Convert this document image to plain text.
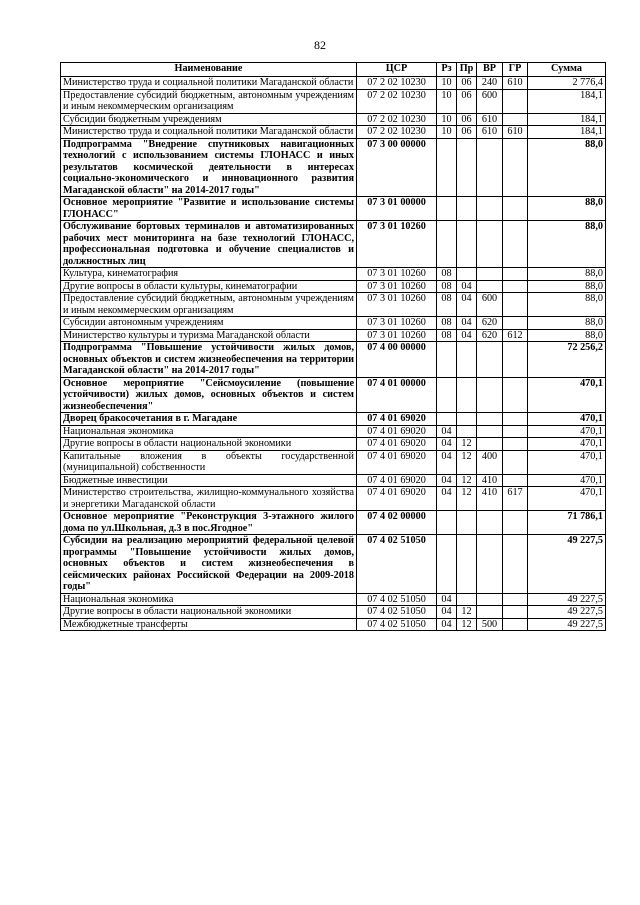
82
Наименование	ЦСР	Рз	Пр	ВР	ГР	Сумма
Министерство труда и социальной политики Магаданской области	07 2 02 10230	10	06	240	610	2 776,4
Предоставление субсидий бюджетным, автономным учреждениям и иным некоммерческим организациям	07 2 02 10230	10	06	600		184,1
Субсидии бюджетным учреждениям	07 2 02 10230	10	06	610		184,1
Министерство труда и социальной политики Магаданской области	07 2 02 10230	10	06	610	610	184,1
Подпрограмма "Внедрение спутниковых навигационных технологий с использованием системы ГЛОНАСС и иных результатов космической деятельности в интересах социально-экономического и инновационного развития Магаданской области" на 2014-2017 годы"	07 3 00 00000					88,0
Основное мероприятие "Развитие и использование системы ГЛОНАСС"	07 3 01 00000					88,0
Обслуживание бортовых терминалов и автоматизированных рабочих мест мониторинга на базе технологий ГЛОНАСС, профессиональная подготовка и обучение специалистов и должностных лиц	07 3 01 10260					88,0
Культура, кинематография	07 3 01 10260	08				88,0
Другие вопросы в области культуры, кинематографии	07 3 01 10260	08	04			88,0
Предоставление субсидий бюджетным, автономным учреждениям и иным некоммерческим организациям	07 3 01 10260	08	04	600		88,0
Субсидии автономным учреждениям	07 3 01 10260	08	04	620		88,0
Министерство культуры и туризма Магаданской области	07 3 01 10260	08	04	620	612	88,0
Подпрограмма "Повышение устойчивости жилых домов, основных объектов и систем жизнеобеспечения на территории Магаданской области" на 2014-2017 годы"	07 4 00 00000					72 256,2
Основное мероприятие "Сейсмоусиление (повышение устойчивости) жилых домов, основных объектов и систем жизнеобеспечения"	07 4 01 00000					470,1
Дворец бракосочетания в г. Магадане	07 4 01 69020					470,1
Национальная экономика	07 4 01 69020	04				470,1
Другие вопросы в области национальной экономики	07 4 01 69020	04	12			470,1
Капитальные вложения в объекты государственной (муниципальной) собственности	07 4 01 69020	04	12	400		470,1
Бюджетные инвестиции	07 4 01 69020	04	12	410		470,1
Министерство строительства, жилищно-коммунального хозяйства и энергетики Магаданской области	07 4 01 69020	04	12	410	617	470,1
Основное мероприятие "Реконструкция 3-этажного жилого дома по ул.Школьная, д.3 в пос.Ягодное"	07 4 02 00000					71 786,1
Субсидии на реализацию мероприятий федеральной целевой программы "Повышение устойчивости жилых домов, основных объектов и систем жизнеобеспечения в сейсмических районах Российской Федерации на 2009-2018 годы"	07 4 02 51050					49 227,5
Национальная экономика	07 4 02 51050	04				49 227,5
Другие вопросы в области национальной экономики	07 4 02 51050	04	12			49 227,5
Межбюджетные трансферты	07 4 02 51050	04	12	500		49 227,5
